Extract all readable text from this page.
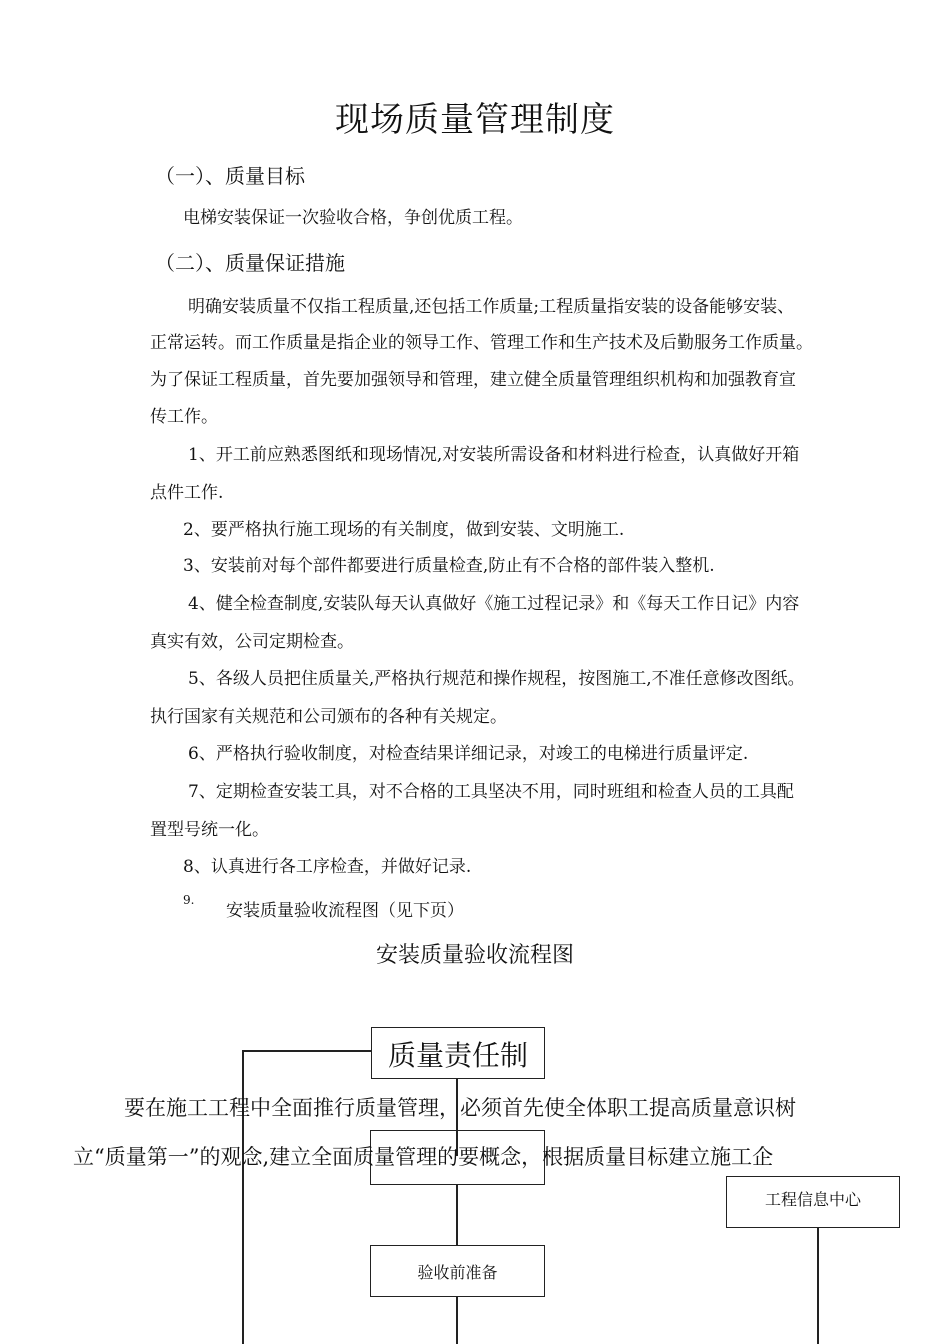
现场质量管理制度
（一）、质量目标
电梯安装保证一次验收合格，争创优质工程。
（二）、质量保证措施
明确安装质量不仅指工程质量,还包括工作质量;工程质量指安装的设备能够安装、
正常运转。而工作质量是指企业的领导工作、管理工作和生产技术及后勤服务工作质量。
为了保证工程质量，首先要加强领导和管理，建立健全质量管理组织机构和加强教育宣
传工作。
1、开工前应熟悉图纸和现场情况,对安装所需设备和材料进行检查，认真做好开箱
点件工作.
2、要严格执行施工现场的有关制度，做到安装、文明施工.
3、安装前对每个部件都要进行质量检查,防止有不合格的部件装入整机.
4、健全检查制度,安装队每天认真做好《施工过程记录》和《每天工作日记》内容
真实有效，公司定期检查。
5、各级人员把住质量关,严格执行规范和操作规程，按图施工,不准任意修改图纸。
执行国家有关规范和公司颁布的各种有关规定。
6、严格执行验收制度，对检查结果详细记录，对竣工的电梯进行质量评定.
7、定期检查安装工具，对不合格的工具坚决不用，同时班组和检查人员的工具配
置型号统一化。
8、认真进行各工序检查，并做好记录.
9.
安装质量验收流程图（见下页）
安装质量验收流程图
质量责任制
验收前准备
工程信息中心
要在施工工程中全面推行质量管理，必须首先使全体职工提高质量意识树
立“质量第一”的观念,建立全面质量管理的要概念，根据质量目标建立施工企
